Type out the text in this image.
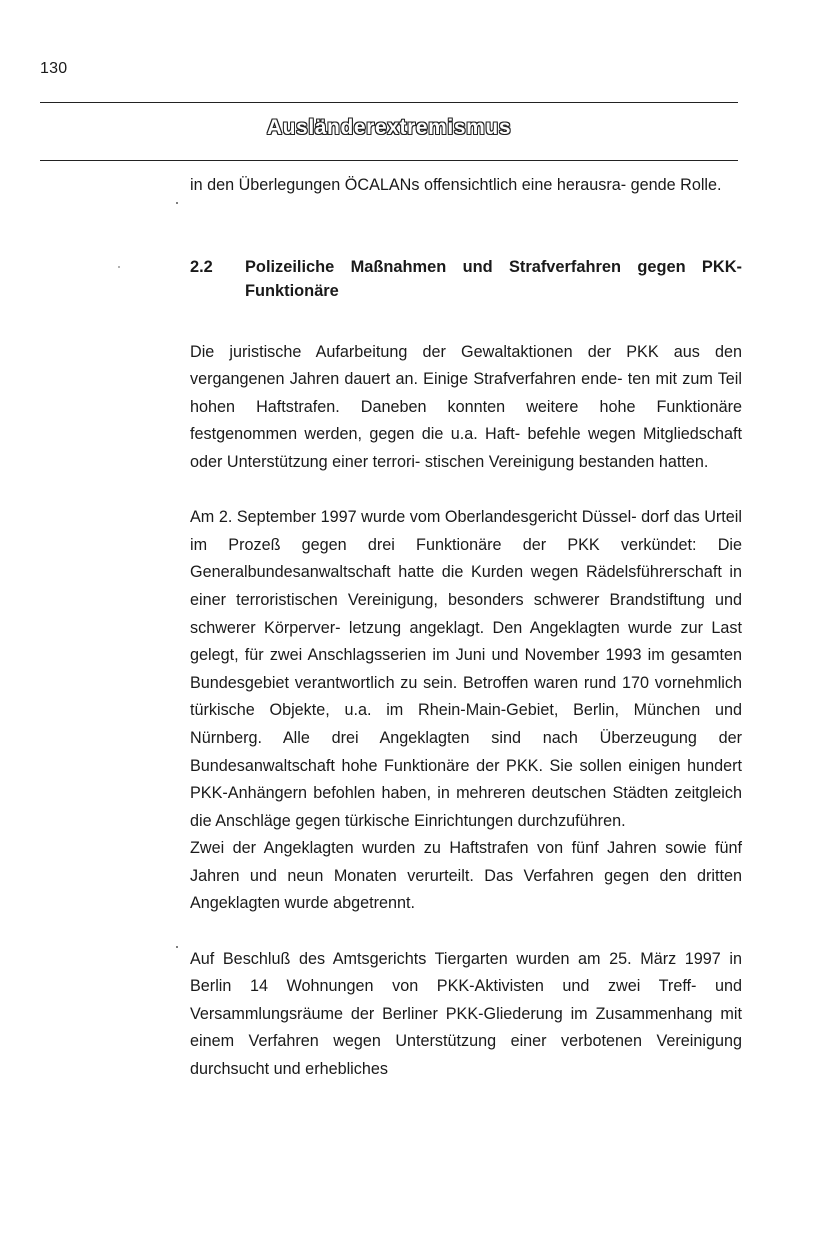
130
Ausländerextremismus

in den Überlegungen ÖCALANs offensichtlich eine herausra- gende Rolle.

2.2	Polizeiliche Maßnahmen und Strafverfahren gegen PKK-Funktionäre

Die juristische Aufarbeitung der Gewaltaktionen der PKK aus den vergangenen Jahren dauert an. Einige Strafverfahren ende- ten mit zum Teil hohen Haftstrafen. Daneben konnten weitere hohe Funktionäre festgenommen werden, gegen die u.a. Haft- befehle wegen Mitgliedschaft oder Unterstützung einer terrori- stischen Vereinigung bestanden hatten.

Am 2. September 1997 wurde vom Oberlandesgericht Düssel- dorf das Urteil im Prozeß gegen drei Funktionäre der PKK verkündet: Die Generalbundesanwaltschaft hatte die Kurden wegen Rädelsführerschaft in einer terroristischen Vereinigung, besonders schwerer Brandstiftung und schwerer Körperver- letzung angeklagt. Den Angeklagten wurde zur Last gelegt, für zwei Anschlagsserien im Juni und November 1993 im gesamten Bundesgebiet verantwortlich zu sein. Betroffen waren rund 170 vornehmlich türkische Objekte, u.a. im Rhein-Main-Gebiet, Berlin, München und Nürnberg. Alle drei Angeklagten sind nach Überzeugung der Bundesanwaltschaft hohe Funktionäre der PKK. Sie sollen einigen hundert PKK-Anhängern befohlen haben, in mehreren deutschen Städten zeitgleich die Anschläge gegen türkische Einrichtungen durchzuführen.

Zwei der Angeklagten wurden zu Haftstrafen von fünf Jahren sowie fünf Jahren und neun Monaten verurteilt. Das Verfahren gegen den dritten Angeklagten wurde abgetrennt.

Auf Beschluß des Amtsgerichts Tiergarten wurden am 25. März 1997 in Berlin 14 Wohnungen von PKK-Aktivisten und zwei Treff- und Versammlungsräume der Berliner PKK-Gliederung im Zusammenhang mit einem Verfahren wegen Unterstützung einer verbotenen Vereinigung durchsucht und erhebliches
